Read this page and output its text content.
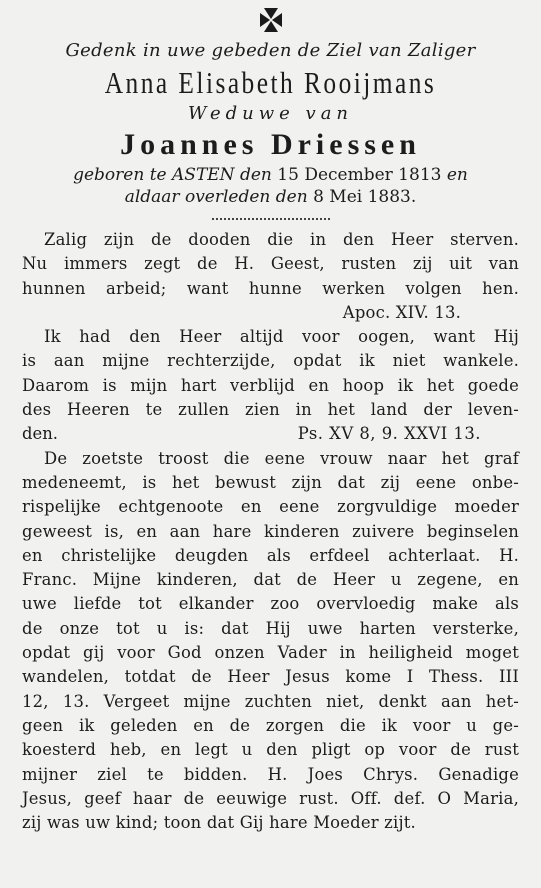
Gedenk in uwe gebeden de Ziel van Zaliger
Anna Elisabeth Rooijmans
Weduwe van
Joannes Driessen
geboren te ASTEN den 15 December 1813 en
aldaar overleden den 8 Mei 1883.

Zalig zijn de dooden die in den Heer sterven.

Nu immers zegt de H. Geest, rusten zij uit van

hunnen arbeid; want hunne werken volgen hen.

Apoc. XIV. 13.

Ik had den Heer altijd voor oogen, want Hij

is aan mijne rechterzijde, opdat ik niet wankele.

Daarom is mijn hart verblijd en hoop ik het goede

des Heeren te zullen zien in het land der leven-

den.	Ps. XV 8, 9. XXVI 13.

De zoetste troost die eene vrouw naar het graf

medeneemt, is het bewust zijn dat zij eene onbe-

rispelijke echtgenoote en eene zorgvuldige moeder

geweest is, en aan hare kinderen zuivere beginselen

en christelijke deugden als erfdeel achterlaat. H.

Franc. Mijne kinderen, dat de Heer u zegene, en

uwe liefde tot elkander zoo overvloedig make als

de onze tot u is: dat Hij uwe harten versterke,

opdat gij voor God onzen Vader in heiligheid moget

wandelen, totdat de Heer Jesus kome I Thess. III

12, 13. Vergeet mijne zuchten niet, denkt aan het-

geen ik geleden en de zorgen die ik voor u ge-

koesterd heb, en legt u den pligt op voor de rust

mijner ziel te bidden. H. Joes Chrys. Genadige

Jesus, geef haar de eeuwige rust. Off. def. O Maria,

zij was uw kind; toon dat Gij hare Moeder zijt.
